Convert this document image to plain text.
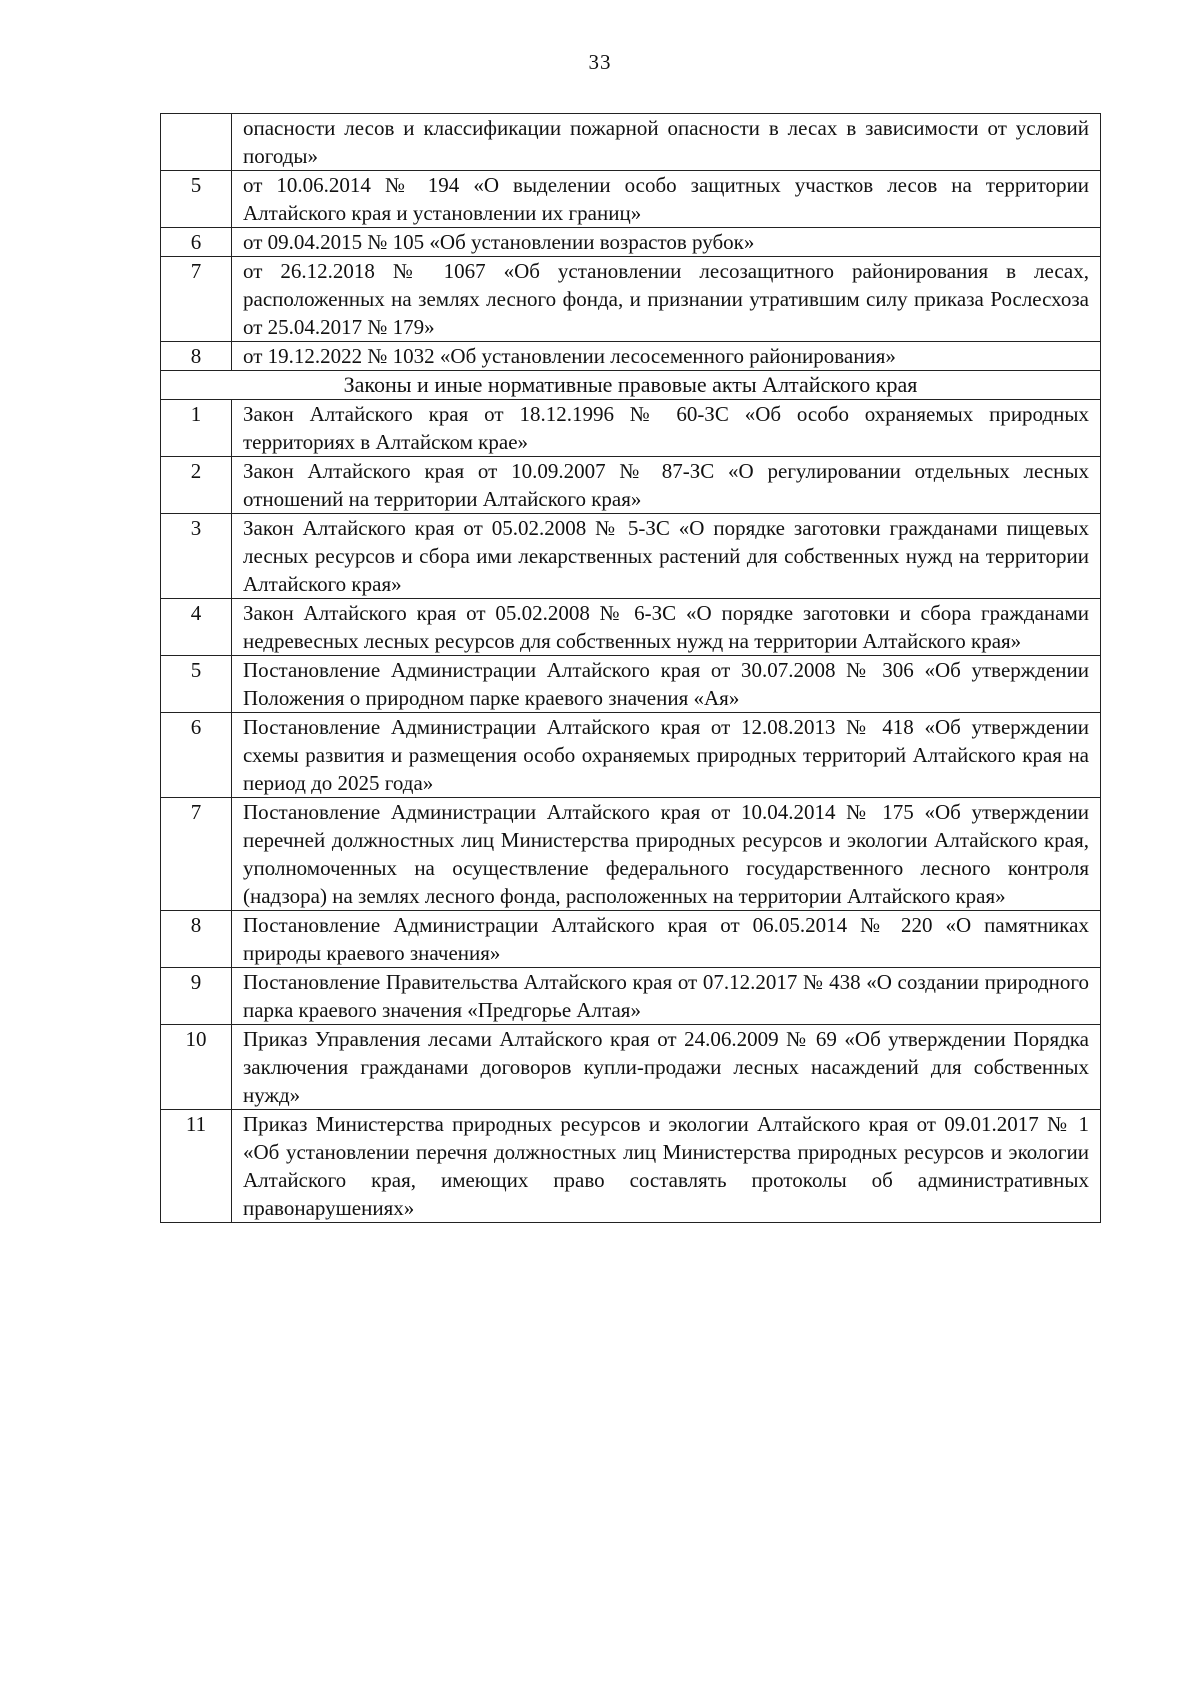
33
	опасности лесов и классификации пожарной опасности в лесах в зависимости от условий погоды»
5	от 10.06.2014 № 194 «О выделении особо защитных участков лесов на территории Алтайского края и установлении их границ»
6	от 09.04.2015 № 105 «Об установлении возрастов рубок»
7	от 26.12.2018 № 1067 «Об установлении лесозащитного районирования в лесах, расположенных на землях лесного фонда, и признании утратившим силу приказа Рослесхоза от 25.04.2017 № 179»
8	от 19.12.2022 № 1032 «Об установлении лесосеменного районирования»
Законы и иные нормативные правовые акты Алтайского края	
1	Закон Алтайского края от 18.12.1996 № 60-ЗС «Об особо охраняемых природных территориях в Алтайском крае»
2	Закон Алтайского края от 10.09.2007 № 87-ЗС «О регулировании отдельных лесных отношений на территории Алтайского края»
3	Закон Алтайского края от 05.02.2008 № 5-ЗС «О порядке заготовки гражданами пищевых лесных ресурсов и сбора ими лекарственных растений для собственных нужд на территории Алтайского края»
4	Закон Алтайского края от 05.02.2008 № 6-ЗС «О порядке заготовки и сбора гражданами недревесных лесных ресурсов для собственных нужд на территории Алтайского края»
5	Постановление Администрации Алтайского края от 30.07.2008 № 306 «Об утверждении Положения о природном парке краевого значения «Ая»
6	Постановление Администрации Алтайского края от 12.08.2013 № 418 «Об утверждении схемы развития и размещения особо охраняемых природных территорий Алтайского края на период до 2025 года»
7	Постановление Администрации Алтайского края от 10.04.2014 № 175 «Об утверждении перечней должностных лиц Министерства природных ресурсов и экологии Алтайского края, уполномоченных на осуществление федерального государственного лесного контроля (надзора) на землях лесного фонда, расположенных на территории Алтайского края»
8	Постановление Администрации Алтайского края от 06.05.2014 № 220 «О памятниках природы краевого значения»
9	Постановление Правительства Алтайского края от 07.12.2017 № 438 «О создании природного парка краевого значения «Предгорье Алтая»
10	Приказ Управления лесами Алтайского края от 24.06.2009 № 69 «Об утверждении Порядка заключения гражданами договоров купли-продажи лесных насаждений для собственных нужд»
11	Приказ Министерства природных ресурсов и экологии Алтайского края от 09.01.2017 № 1 «Об установлении перечня должностных лиц Министерства природных ресурсов и экологии Алтайского края, имеющих право составлять протоколы об административных правонарушениях»
